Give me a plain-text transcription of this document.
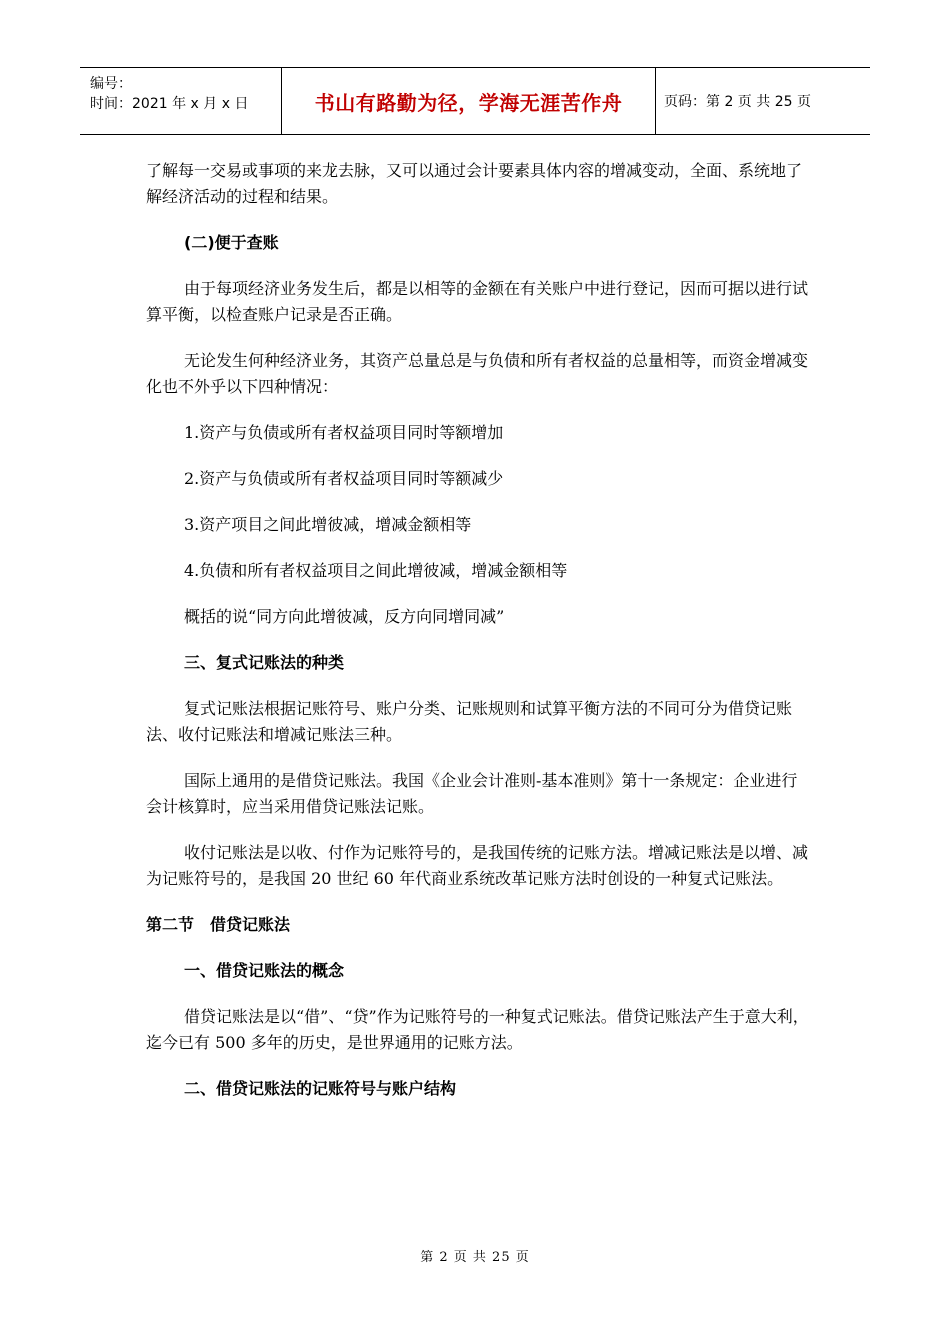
编号：
时间：2021 年 x 月 x 日	书山有路勤为径，学海无涯苦作舟	页码：第 2 页 共 25 页

了解每一交易或事项的来龙去脉，又可以通过会计要素具体内容的增减变动，全面、系统地了解经济活动的过程和结果。

(二)便于查账

由于每项经济业务发生后，都是以相等的金额在有关账户中进行登记，因而可据以进行试算平衡，以检查账户记录是否正确。

无论发生何种经济业务，其资产总量总是与负债和所有者权益的总量相等，而资金增减变化也不外乎以下四种情况：

1.资产与负债或所有者权益项目同时等额增加

2.资产与负债或所有者权益项目同时等额减少

3.资产项目之间此增彼减，增减金额相等

4.负债和所有者权益项目之间此增彼减，增减金额相等

概括的说“同方向此增彼减，反方向同增同减”

三、复式记账法的种类

复式记账法根据记账符号、账户分类、记账规则和试算平衡方法的不同可分为借贷记账法、收付记账法和增减记账法三种。

国际上通用的是借贷记账法。我国《企业会计准则-基本准则》第十一条规定：企业进行会计核算时，应当采用借贷记账法记账。

收付记账法是以收、付作为记账符号的，是我国传统的记账方法。增减记账法是以增、减为记账符号的，是我国 20 世纪 60 年代商业系统改革记账方法时创设的一种复式记账法。

第二节　借贷记账法

一、借贷记账法的概念

借贷记账法是以“借”、“贷”作为记账符号的一种复式记账法。借贷记账法产生于意大利，迄今已有 500 多年的历史，是世界通用的记账方法。

二、借贷记账法的记账符号与账户结构

第 2 页 共 25 页
